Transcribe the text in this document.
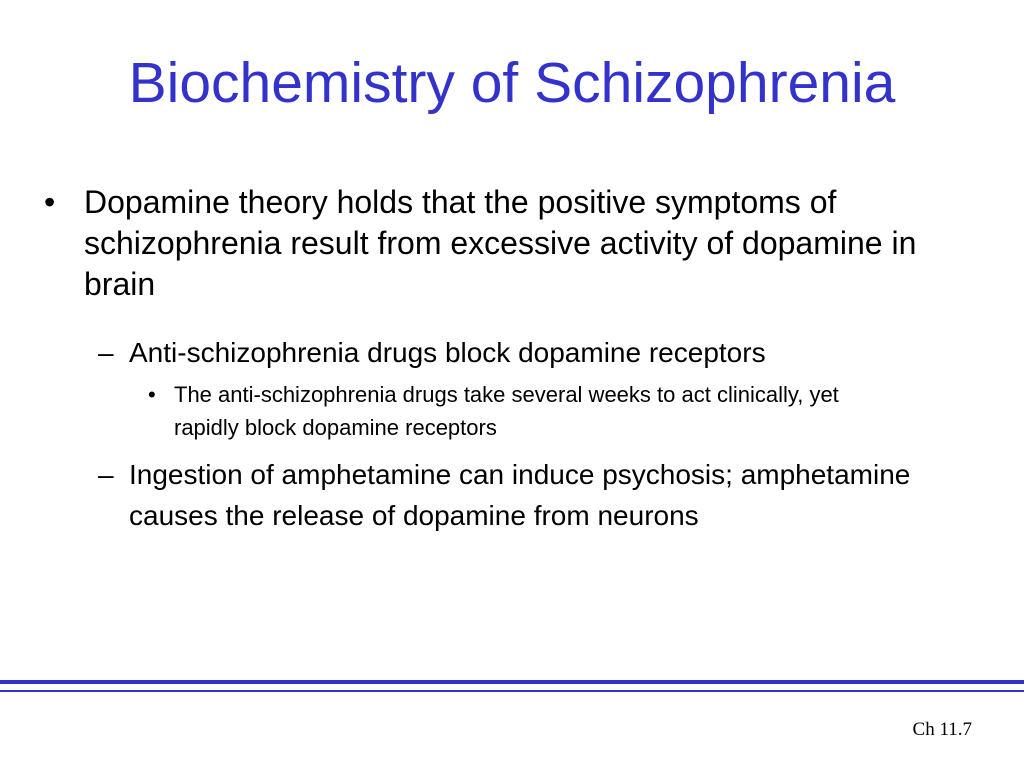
Biochemistry of Schizophrenia
• Dopamine theory holds that the positive symptoms of schizophrenia result from excessive activity of dopamine in brain
– Anti-schizophrenia drugs block dopamine receptors
• The anti-schizophrenia drugs take several weeks to act clinically, yet rapidly block dopamine receptors
– Ingestion of amphetamine can induce psychosis; amphetamine causes the release of dopamine from neurons
Ch 11.7
